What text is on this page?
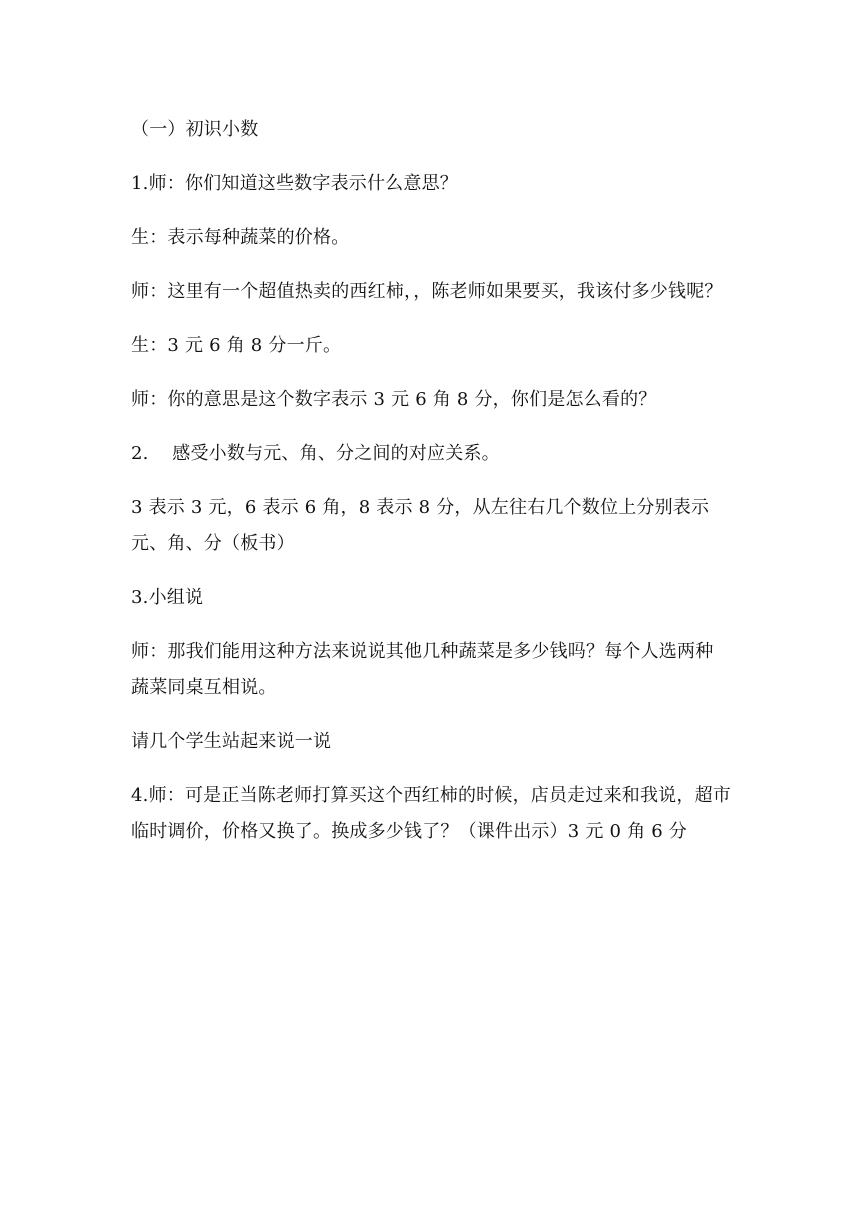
（一）初识小数

1.师：你们知道这些数字表示什么意思？

生：表示每种蔬菜的价格。

师：这里有一个超值热卖的西红柿，，陈老师如果要买，我该付多少钱呢？

生：3 元 6 角 8 分一斤。

师：你的意思是这个数字表示 3 元 6 角 8 分，你们是怎么看的？

2.    感受小数与元、角、分之间的对应关系。

3 表示 3 元，6 表示 6 角，8 表示 8 分，从左往右几个数位上分别表示元、角、分（板书）

3.小组说

师：那我们能用这种方法来说说其他几种蔬菜是多少钱吗？每个人选两种蔬菜同桌互相说。

请几个学生站起来说一说

4.师：可是正当陈老师打算买这个西红柿的时候，店员走过来和我说，超市临时调价，价格又换了。换成多少钱了？（课件出示）3 元 0 角 6 分
